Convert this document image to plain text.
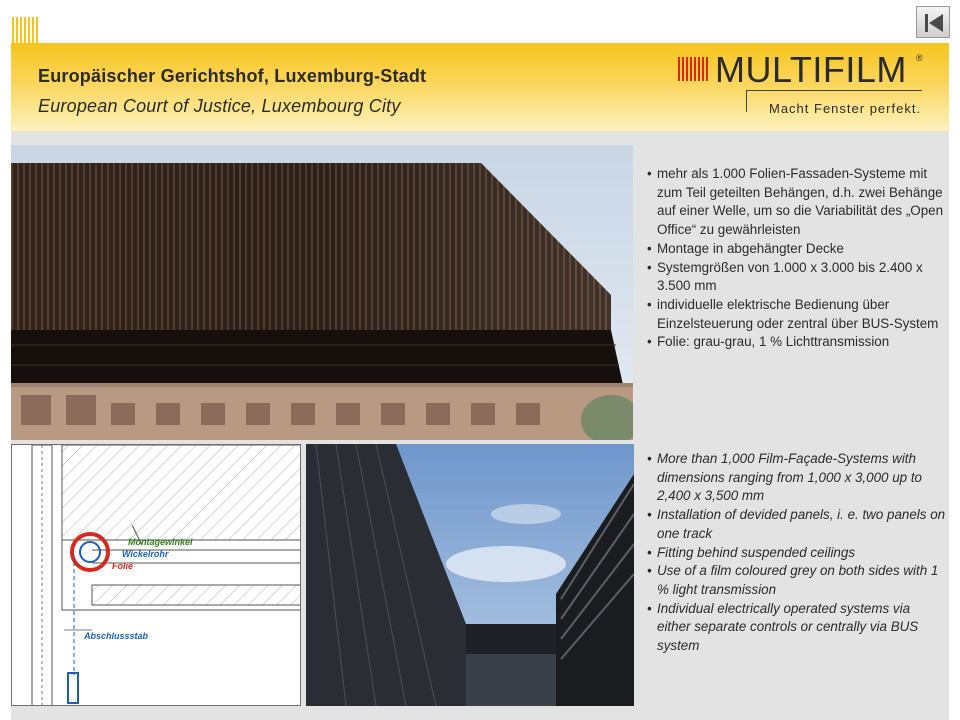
Europäischer Gerichtshof, Luxemburg-Stadt
European Court of Justice, Luxembourg City
MULTIFILM ®
Macht Fenster perfekt.
Montagewinkel
Wickelrohr
Folie
Abschlussstab
• mehr als 1.000 Folien-Fassaden-Systeme mit zum Teil geteilten Behängen, d.h. zwei Behänge auf einer Welle, um so die Variabilität des „Open Office“ zu gewährleisten
• Montage in abgehängter Decke
• Systemgrößen von 1.000 x 3.000 bis 2.400 x 3.500 mm
• individuelle elektrische Bedienung über Einzelsteuerung oder zentral über BUS-System
• Folie: grau-grau, 1 % Lichttransmission
• More than 1,000 Film-Façade-Systems with dimensions ranging from 1,000 x 3,000 up to 2,400 x 3,500 mm
• Installation of devided panels, i. e. two panels on one track
• Fitting behind suspended ceilings
• Use of a film coloured grey on both sides with 1 % light transmission
• Individual electrically operated systems via either separate controls or centrally via BUS system
